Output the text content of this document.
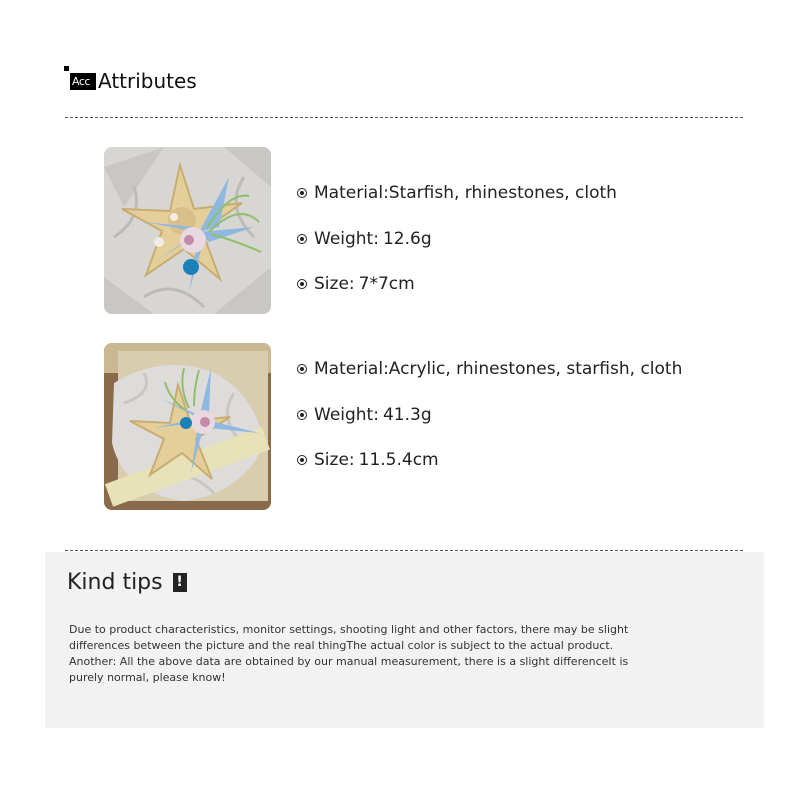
Acc Attributes
Material: Starfish, rhinestones, cloth
Weight: 12.6g
Size: 7*7cm
Material: Acrylic, rhinestones, starfish, cloth
Weight: 41.3g
Size: 11.5.4cm
Kind tips !
Due to product characteristics, monitor settings, shooting light and other factors, there may be slight differences between the picture and the real thingThe actual color is subject to the actual product. Another: All the above data are obtained by our manual measurement, there is a slight differenceIt is purely normal, please know!
